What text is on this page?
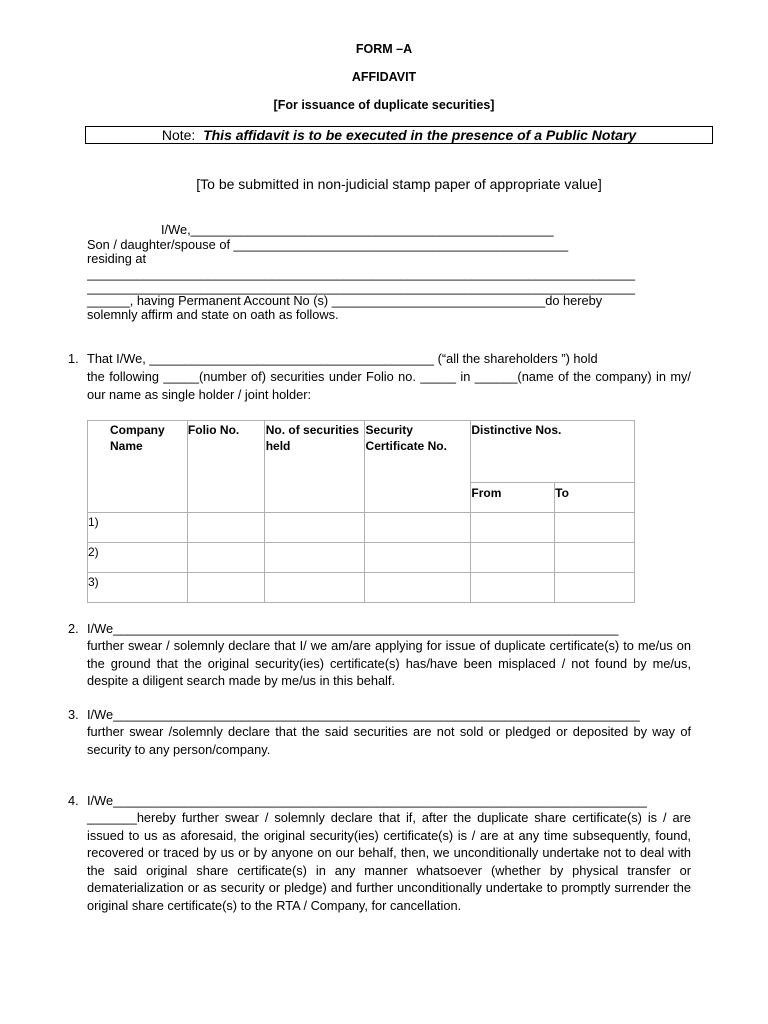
FORM –A
AFFIDAVIT
[For issuance of duplicate securities]
Note: This affidavit is to be executed in the presence of a Public Notary
[To be submitted in non-judicial stamp paper of appropriate value]
I/We,___________________________________________________
Son / daughter/spouse of _______________________________________________
residing at
_____________________________________________________________________________
_____________________________________________________________________________
______, having Permanent Account No (s) ______________________________do hereby
solemnly affirm and state on oath as follows.
1. That I/We, ________________________________________ (“all the shareholders ”) hold
the following _____(number of) securities under Folio no. _____ in ______(name of the company) in my/ our name as single holder / joint holder:
Company Name	Folio No.	No. of securities held	Security Certificate No.	Distinctive Nos.	
				From	To
1)					
2)					
3)					
2. I/We_______________________________________________________________________
further swear / solemnly declare that I/ we am/are applying for issue of duplicate certificate(s) to me/us on the ground that the original security(ies) certificate(s) has/have been misplaced / not found by me/us, despite a diligent search made by me/us in this behalf.
3. I/We__________________________________________________________________________
further swear /solemnly declare that the said securities are not sold or pledged or deposited by way of security to any person/company.
4. I/We___________________________________________________________________________
_______hereby further swear / solemnly declare that if, after the duplicate share certificate(s) is / are issued to us as aforesaid, the original security(ies) certificate(s) is / are at any time subsequently, found, recovered or traced by us or by anyone on our behalf, then, we unconditionally undertake not to deal with the said original share certificate(s) in any manner whatsoever (whether by physical transfer or dematerialization or as security or pledge) and further unconditionally undertake to promptly surrender the original share certificate(s) to the RTA / Company, for cancellation.
